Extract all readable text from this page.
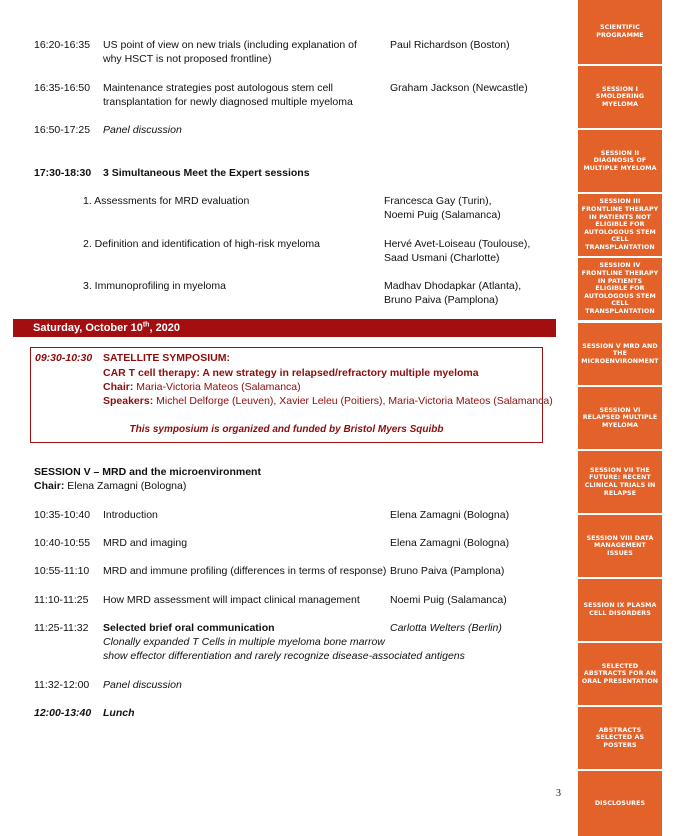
16:20-16:35 US point of view on new trials (including explanation of
why HSCT is not proposed frontline)
Paul Richardson (Boston)
16:35-16:50 Maintenance strategies post autologous stem cell
transplantation for newly diagnosed multiple myeloma
Graham Jackson (Newcastle)
16:50-17:25 Panel discussion
17:30-18:30 3 Simultaneous Meet the Expert sessions
1. Assessments for MRD evaluation	Francesca Gay (Turin),
Noemi Puig (Salamanca)
2. Definition and identification of high-risk myeloma	Hervé Avet-Loiseau (Toulouse),
Saad Usmani (Charlotte)
3. Immunoprofiling in myeloma	Madhav Dhodapkar (Atlanta),
Bruno Paiva (Pamplona)
Saturday, October 10th, 2020
09:30-10:30 SATELLITE SYMPOSIUM:
CAR T cell therapy: A new strategy in relapsed/refractory multiple myeloma
Chair: Maria-Victoria Mateos (Salamanca)
Speakers: Michel Delforge (Leuven), Xavier Leleu (Poitiers), Maria-Victoria Mateos (Salamanca)
This symposium is organized and funded by Bristol Myers Squibb
SESSION V – MRD and the microenvironment
Chair: Elena Zamagni (Bologna)
10:35-10:40 Introduction	Elena Zamagni (Bologna)
10:40-10:55 MRD and imaging	Elena Zamagni (Bologna)
10:55-11:10 MRD and immune profiling (differences in terms of response) Bruno Paiva (Pamplona)
11:10-11:25 How MRD assessment will impact clinical management	Noemi Puig (Salamanca)
11:25-11:32 Selected brief oral communication	Carlotta Welters (Berlin)
Clonally expanded T Cells in multiple myeloma bone marrow
show effector differentiation and rarely recognize disease-associated antigens
11:32-12:00 Panel discussion
12:00-13:40 Lunch
3
SCIENTIFIC PROGRAMME
SESSION I SMOLDERING MYELOMA
SESSION II DIAGNOSIS OF MULTIPLE MYELOMA
SESSION III FRONTLINE THERAPY IN PATIENTS NOT ELIGIBLE FOR AUTOLOGOUS STEM CELL TRANSPLANTATION
SESSION IV FRONTLINE THERAPY IN PATIENTS ELIGIBLE FOR AUTOLOGOUS STEM CELL TRANSPLANTATION
SESSION V MRD AND THE MICROENVIRONMENT
SESSION VI RELAPSED MULTIPLE MYELOMA
SESSION VII THE FUTURE: RECENT CLINICAL TRIALS IN RELAPSE
SESSION VIII DATA MANAGEMENT ISSUES
SESSION IX PLASMA CELL DISORDERS
SELECTED ABSTRACTS FOR AN ORAL PRESENTATION
ABSTRACTS SELECTED AS POSTERS
DISCLOSURES
